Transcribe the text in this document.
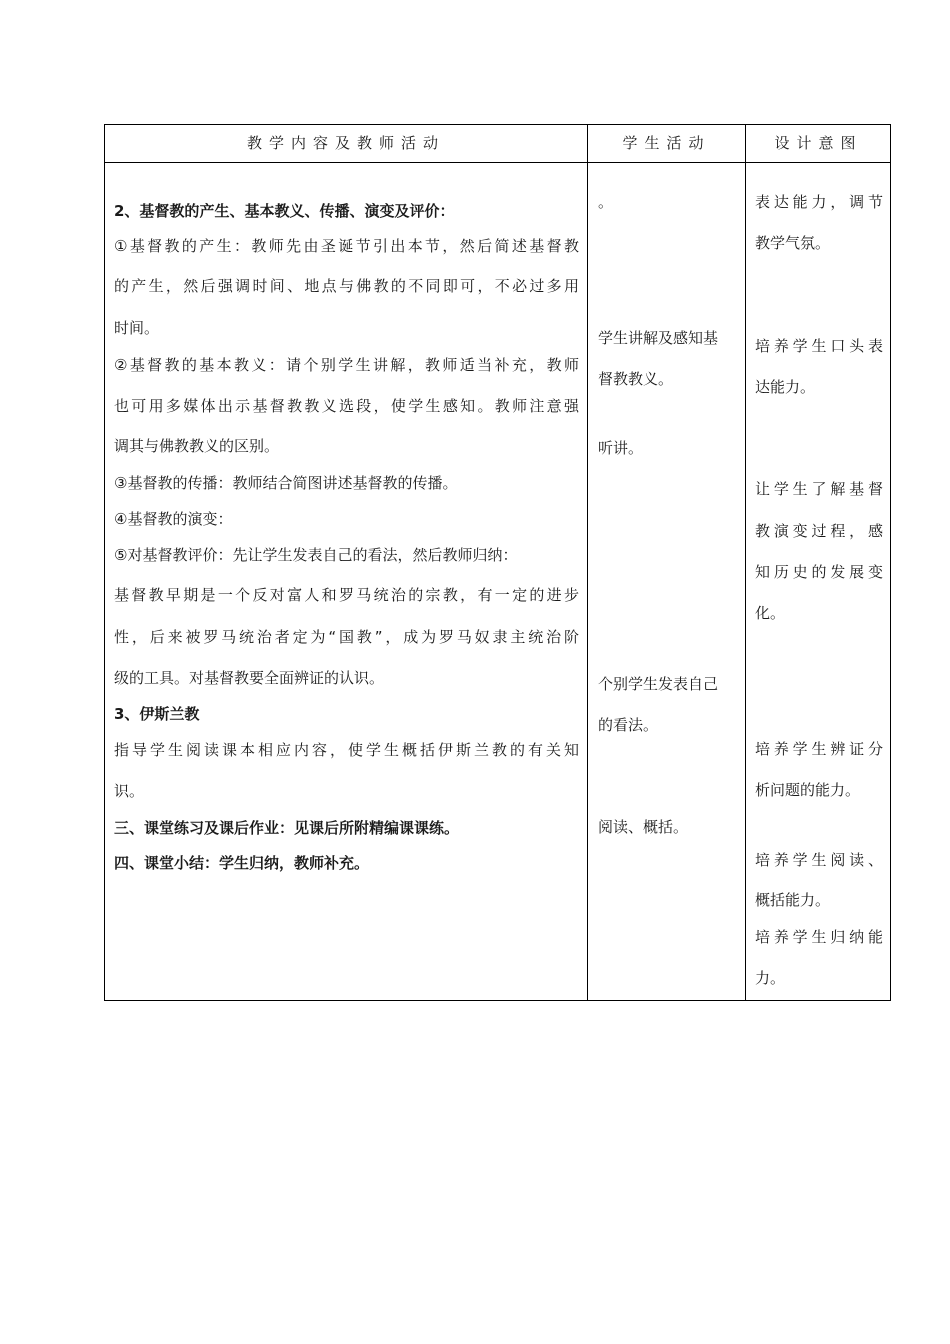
教学内容及教师活动	学生活动	设计意图
2、基督教的产生、基本教义、传播、演变及评价：
①基督教的产生：教师先由圣诞节引出本节，然后简述基督教
的产生，然后强调时间、地点与佛教的不同即可，不必过多用
时间。
②基督教的基本教义：请个别学生讲解，教师适当补充，教师
也可用多媒体出示基督教教义选段，使学生感知。教师注意强
调其与佛教教义的区别。
③基督教的传播：教师结合简图讲述基督教的传播。
④基督教的演变：
⑤对基督教评价：先让学生发表自己的看法，然后教师归纳：
基督教早期是一个反对富人和罗马统治的宗教，有一定的进步
性，后来被罗马统治者定为“国教”，成为罗马奴隶主统治阶
级的工具。对基督教要全面辨证的认识。
3、伊斯兰教
指导学生阅读课本相应内容，使学生概括伊斯兰教的有关知
识。
三、课堂练习及课后作业：见课后所附精编课课练。
四、课堂小结：学生归纳，教师补充。
。
学生讲解及感知基
督教教义。
听讲。
个别学生发表自己
的看法。
阅读、概括。
表达能力，调节
教学气氛。
培养学生口头表
达能力。
让学生了解基督
教演变过程，感
知历史的发展变
化。
培养学生辨证分
析问题的能力。
培养学生阅读、
概括能力。
培养学生归纳能
力。
